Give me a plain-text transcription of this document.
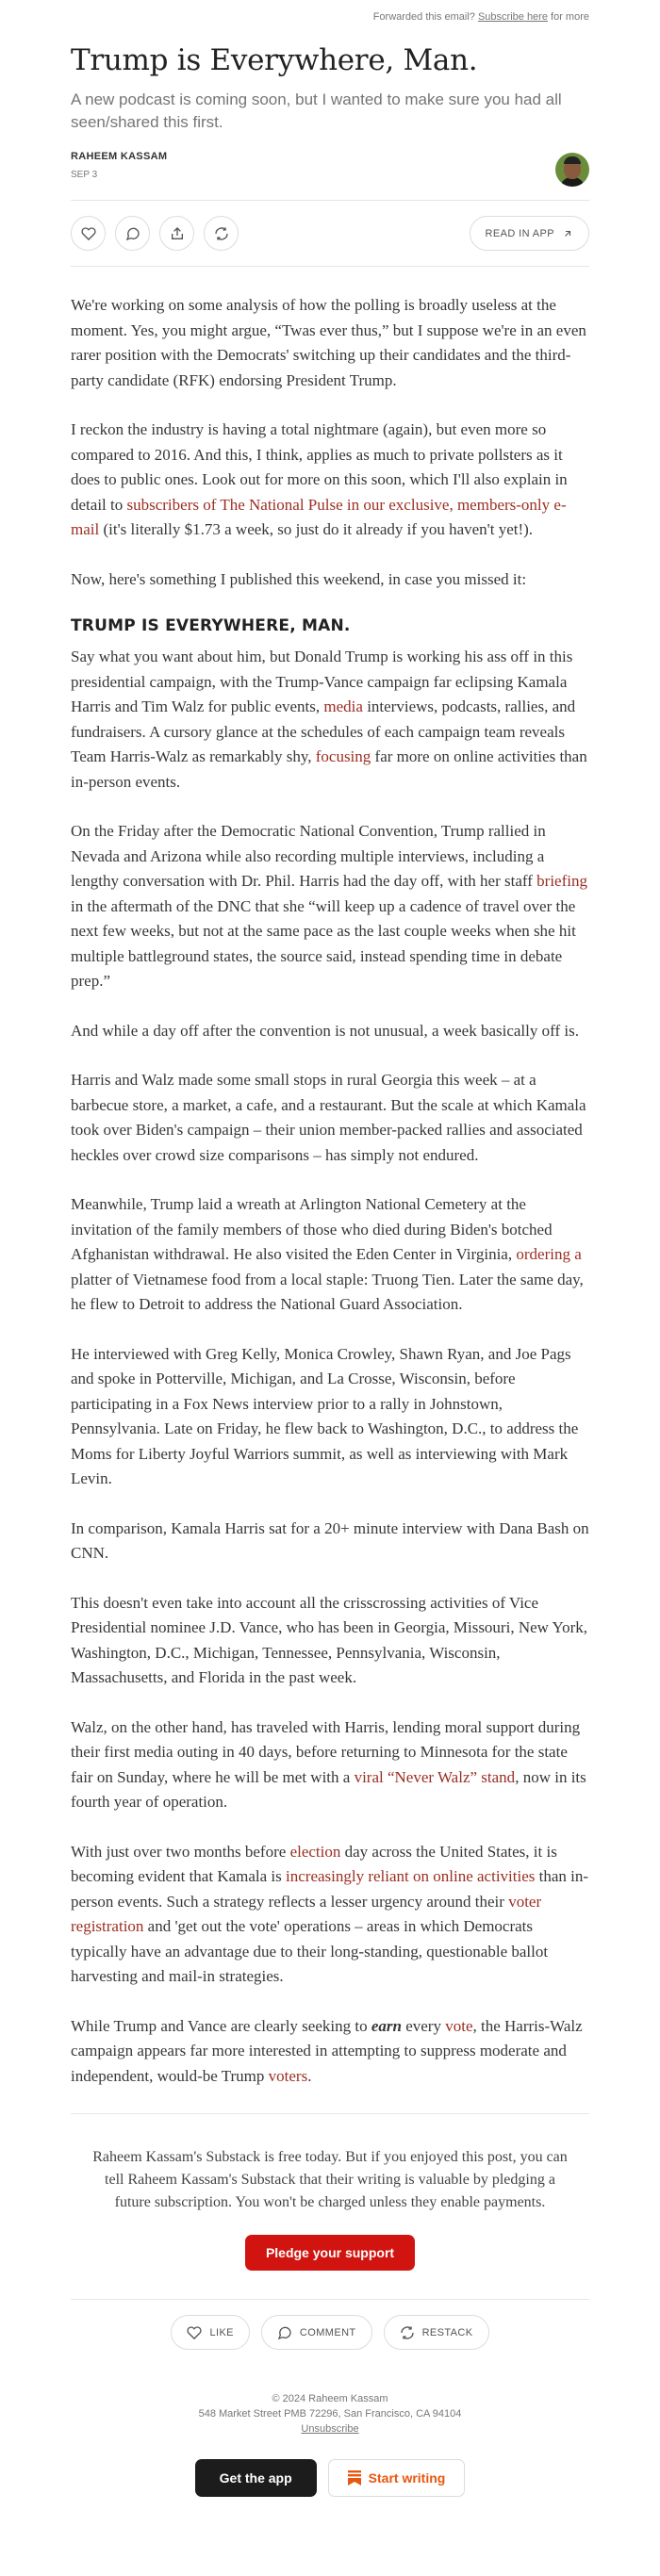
Forwarded this email? Subscribe here for more
Trump is Everywhere, Man.
A new podcast is coming soon, but I wanted to make sure you had all seen/shared this first.
RAHEEM KASSAM
SEP 3
READ IN APP

We're working on some analysis of how the polling is broadly useless at the moment. Yes, you might argue, “Twas ever thus,” but I suppose we're in an even rarer position with the Democrats' switching up their candidates and the third-party candidate (RFK) endorsing President Trump.

I reckon the industry is having a total nightmare (again), but even more so compared to 2016. And this, I think, applies as much to private pollsters as it does to public ones. Look out for more on this soon, which I'll also explain in detail to subscribers of The National Pulse in our exclusive, members-only e-mail (it's literally $1.73 a week, so just do it already if you haven't yet!).

Now, here's something I published this weekend, in case you missed it:

TRUMP IS EVERYWHERE, MAN.

Say what you want about him, but Donald Trump is working his ass off in this presidential campaign, with the Trump-Vance campaign far eclipsing Kamala Harris and Tim Walz for public events, media interviews, podcasts, rallies, and fundraisers. A cursory glance at the schedules of each campaign team reveals Team Harris-Walz as remarkably shy, focusing far more on online activities than in-person events.

On the Friday after the Democratic National Convention, Trump rallied in Nevada and Arizona while also recording multiple interviews, including a lengthy conversation with Dr. Phil. Harris had the day off, with her staff briefing in the aftermath of the DNC that she “will keep up a cadence of travel over the next few weeks, but not at the same pace as the last couple weeks when she hit multiple battleground states, the source said, instead spending time in debate prep.”

And while a day off after the convention is not unusual, a week basically off is.

Harris and Walz made some small stops in rural Georgia this week – at a barbecue store, a market, a cafe, and a restaurant. But the scale at which Kamala took over Biden's campaign – their union member-packed rallies and associated heckles over crowd size comparisons – has simply not endured.

Meanwhile, Trump laid a wreath at Arlington National Cemetery at the invitation of the family members of those who died during Biden's botched Afghanistan withdrawal. He also visited the Eden Center in Virginia, ordering a platter of Vietnamese food from a local staple: Truong Tien. Later the same day, he flew to Detroit to address the National Guard Association.

He interviewed with Greg Kelly, Monica Crowley, Shawn Ryan, and Joe Pags and spoke in Potterville, Michigan, and La Crosse, Wisconsin, before participating in a Fox News interview prior to a rally in Johnstown, Pennsylvania. Late on Friday, he flew back to Washington, D.C., to address the Moms for Liberty Joyful Warriors summit, as well as interviewing with Mark Levin.

In comparison, Kamala Harris sat for a 20+ minute interview with Dana Bash on CNN.

This doesn't even take into account all the crisscrossing activities of Vice Presidential nominee J.D. Vance, who has been in Georgia, Missouri, New York, Washington, D.C., Michigan, Tennessee, Pennsylvania, Wisconsin, Massachusetts, and Florida in the past week.

Walz, on the other hand, has traveled with Harris, lending moral support during their first media outing in 40 days, before returning to Minnesota for the state fair on Sunday, where he will be met with a viral “Never Walz” stand, now in its fourth year of operation.

With just over two months before election day across the United States, it is becoming evident that Kamala is increasingly reliant on online activities than in-person events. Such a strategy reflects a lesser urgency around their voter registration and 'get out the vote' operations – areas in which Democrats typically have an advantage due to their long-standing, questionable ballot harvesting and mail-in strategies.

While Trump and Vance are clearly seeking to earn every vote, the Harris-Walz campaign appears far more interested in attempting to suppress moderate and independent, would-be Trump voters.

Raheem Kassam's Substack is free today. But if you enjoyed this post, you can tell Raheem Kassam's Substack that their writing is valuable by pledging a future subscription. You won't be charged unless they enable payments.

Pledge your support
LIKE	COMMENT	RESTACK
© 2024 Raheem Kassam
548 Market Street PMB 72296, San Francisco, CA 94104
Unsubscribe
Get the app	Start writing
